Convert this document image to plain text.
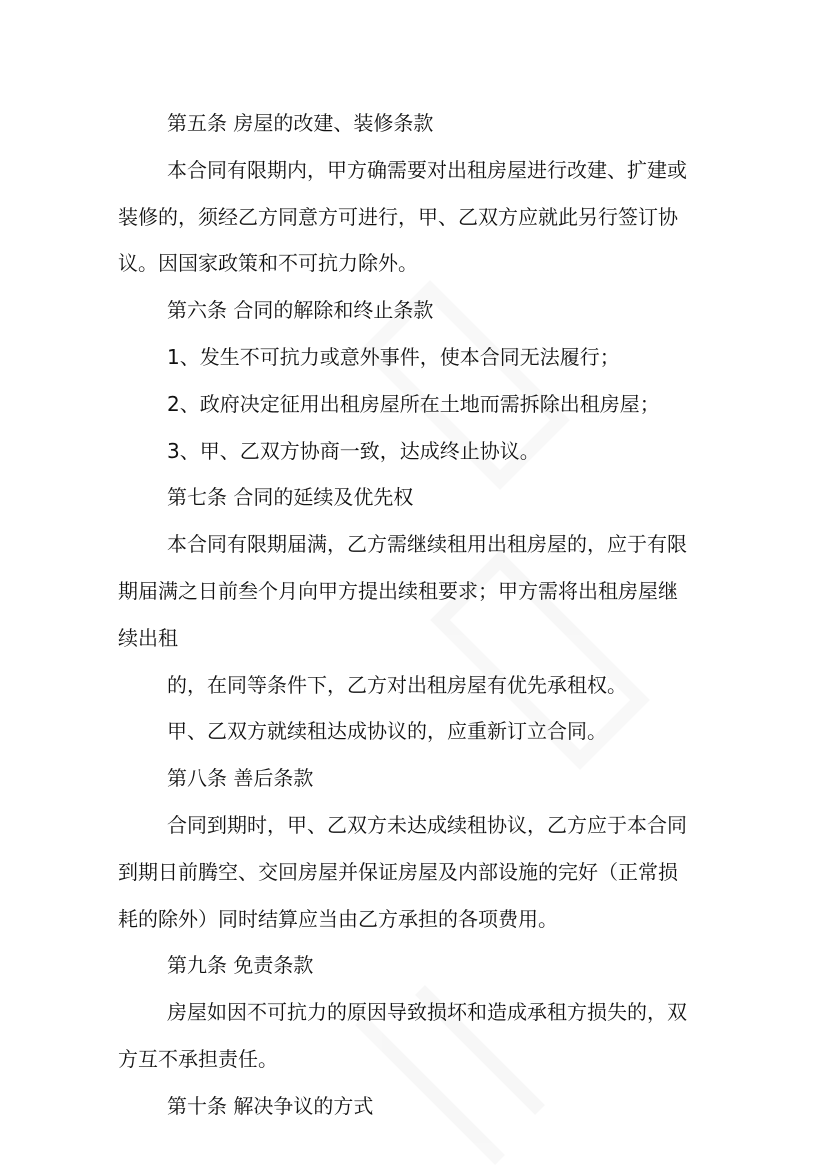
第五条 房屋的改建、装修条款
本合同有限期内，甲方确需要对出租房屋进行改建、扩建或
装修的，须经乙方同意方可进行，甲、乙双方应就此另行签订协
议。因国家政策和不可抗力除外。
第六条 合同的解除和终止条款
1、发生不可抗力或意外事件，使本合同无法履行；
2、政府决定征用出租房屋所在土地而需拆除出租房屋；
3、甲、乙双方协商一致，达成终止协议。
第七条 合同的延续及优先权
本合同有限期届满，乙方需继续租用出租房屋的，应于有限
期届满之日前叁个月向甲方提出续租要求；甲方需将出租房屋继
续出租
的，在同等条件下，乙方对出租房屋有优先承租权。
甲、乙双方就续租达成协议的，应重新订立合同。
第八条 善后条款
合同到期时，甲、乙双方未达成续租协议，乙方应于本合同
到期日前腾空、交回房屋并保证房屋及内部设施的完好（正常损
耗的除外）同时结算应当由乙方承担的各项费用。
第九条 免责条款
房屋如因不可抗力的原因导致损坏和造成承租方损失的，双
方互不承担责任。
第十条 解决争议的方式
